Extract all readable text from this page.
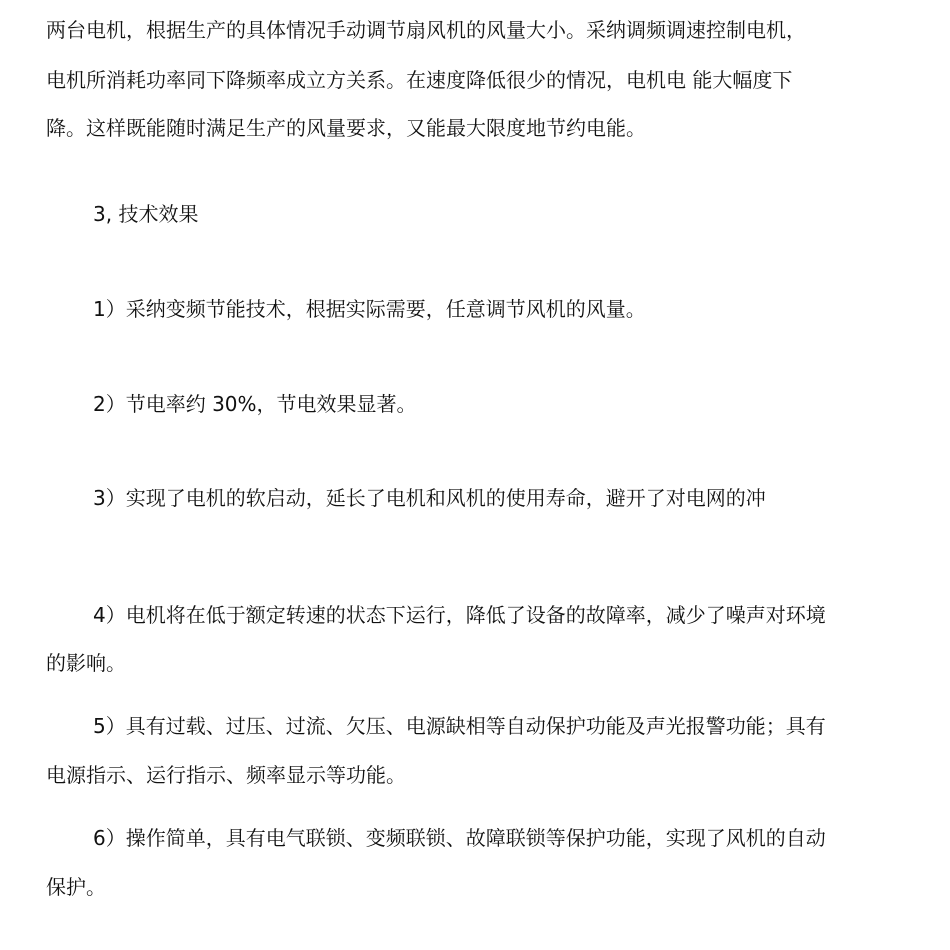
两台电机，根据生产的具体情况手动调节扇风机的风量大小。采纳调频调速控制电机，
电机所消耗功率同下降频率成立方关系。在速度降低很少的情况，电机电 能大幅度下
降。这样既能随时满足生产的风量要求，又能最大限度地节约电能。
3, 技术效果
1）采纳变频节能技术，根据实际需要，任意调节风机的风量。
2）节电率约 30%，节电效果显著。
3）实现了电机的软启动，延长了电机和风机的使用寿命，避开了对电网的冲
4）电机将在低于额定转速的状态下运行，降低了设备的故障率，减少了噪声对环境
的影响。
5）具有过载、过压、过流、欠压、电源缺相等自动保护功能及声光报警功能；具有
电源指示、运行指示、频率显示等功能。
6）操作简单，具有电气联锁、变频联锁、故障联锁等保护功能，实现了风机的自动
保护。
